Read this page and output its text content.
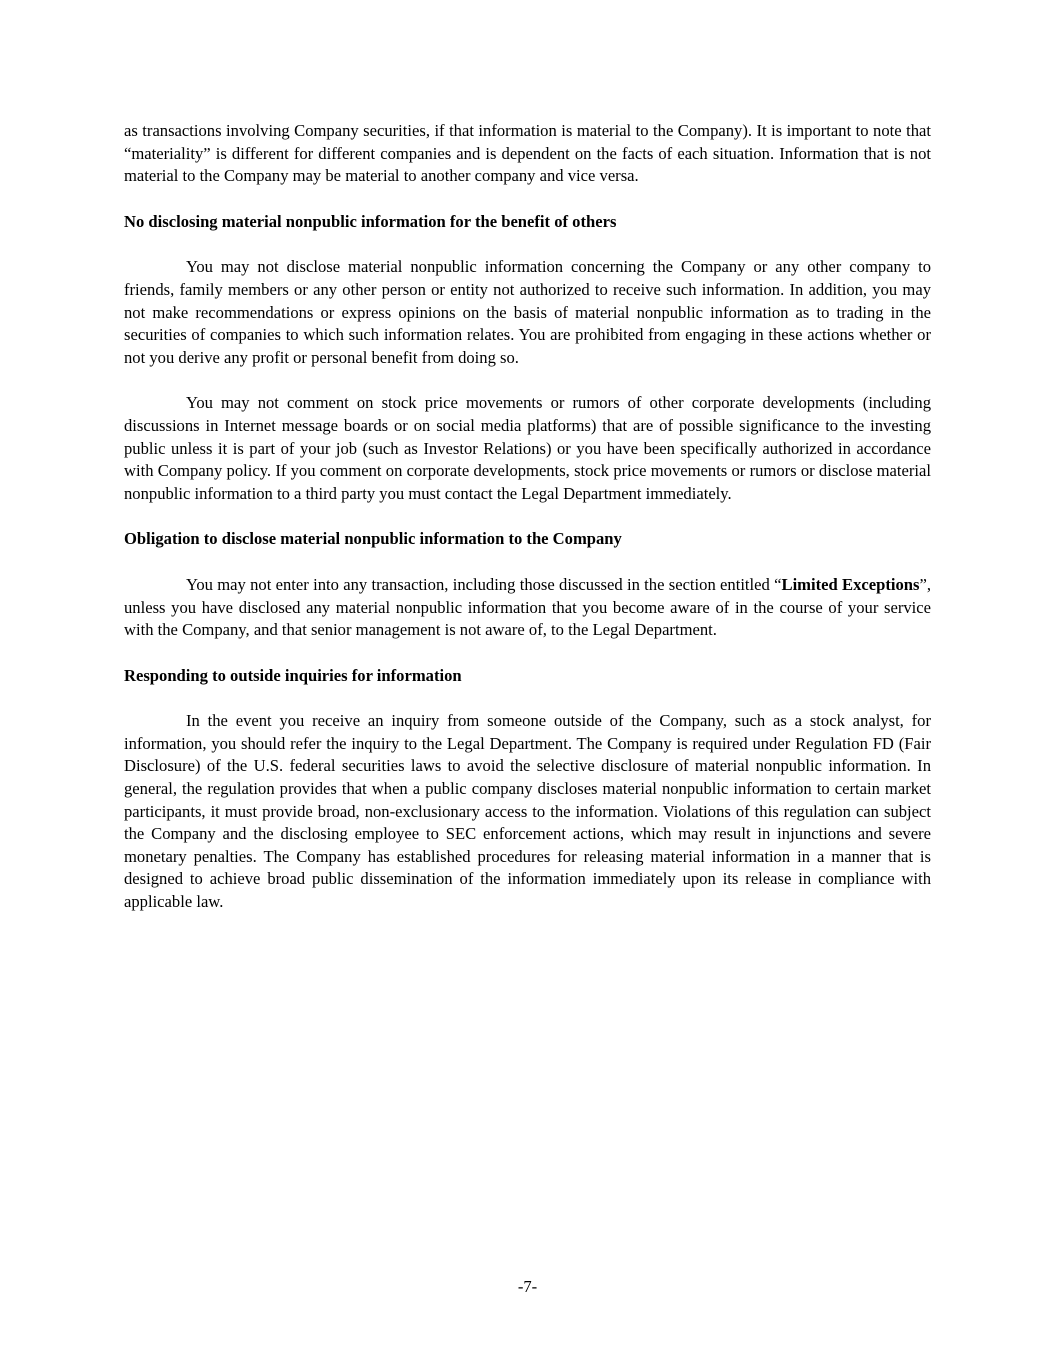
as transactions involving Company securities, if that information is material to the Company). It is important to note that “materiality” is different for different companies and is dependent on the facts of each situation. Information that is not material to the Company may be material to another company and vice versa.

No disclosing material nonpublic information for the benefit of others

You may not disclose material nonpublic information concerning the Company or any other company to friends, family members or any other person or entity not authorized to receive such information. In addition, you may not make recommendations or express opinions on the basis of material nonpublic information as to trading in the securities of companies to which such information relates. You are prohibited from engaging in these actions whether or not you derive any profit or personal benefit from doing so.

You may not comment on stock price movements or rumors of other corporate developments (including discussions in Internet message boards or on social media platforms) that are of possible significance to the investing public unless it is part of your job (such as Investor Relations) or you have been specifically authorized in accordance with Company policy. If you comment on corporate developments, stock price movements or rumors or disclose material nonpublic information to a third party you must contact the Legal Department immediately.

Obligation to disclose material nonpublic information to the Company

You may not enter into any transaction, including those discussed in the section entitled “Limited Exceptions”, unless you have disclosed any material nonpublic information that you become aware of in the course of your service with the Company, and that senior management is not aware of, to the Legal Department.

Responding to outside inquiries for information

In the event you receive an inquiry from someone outside of the Company, such as a stock analyst, for information, you should refer the inquiry to the Legal Department. The Company is required under Regulation FD (Fair Disclosure) of the U.S. federal securities laws to avoid the selective disclosure of material nonpublic information. In general, the regulation provides that when a public company discloses material nonpublic information to certain market participants, it must provide broad, non-exclusionary access to the information. Violations of this regulation can subject the Company and the disclosing employee to SEC enforcement actions, which may result in injunctions and severe monetary penalties. The Company has established procedures for releasing material information in a manner that is designed to achieve broad public dissemination of the information immediately upon its release in compliance with applicable law.

-7-
